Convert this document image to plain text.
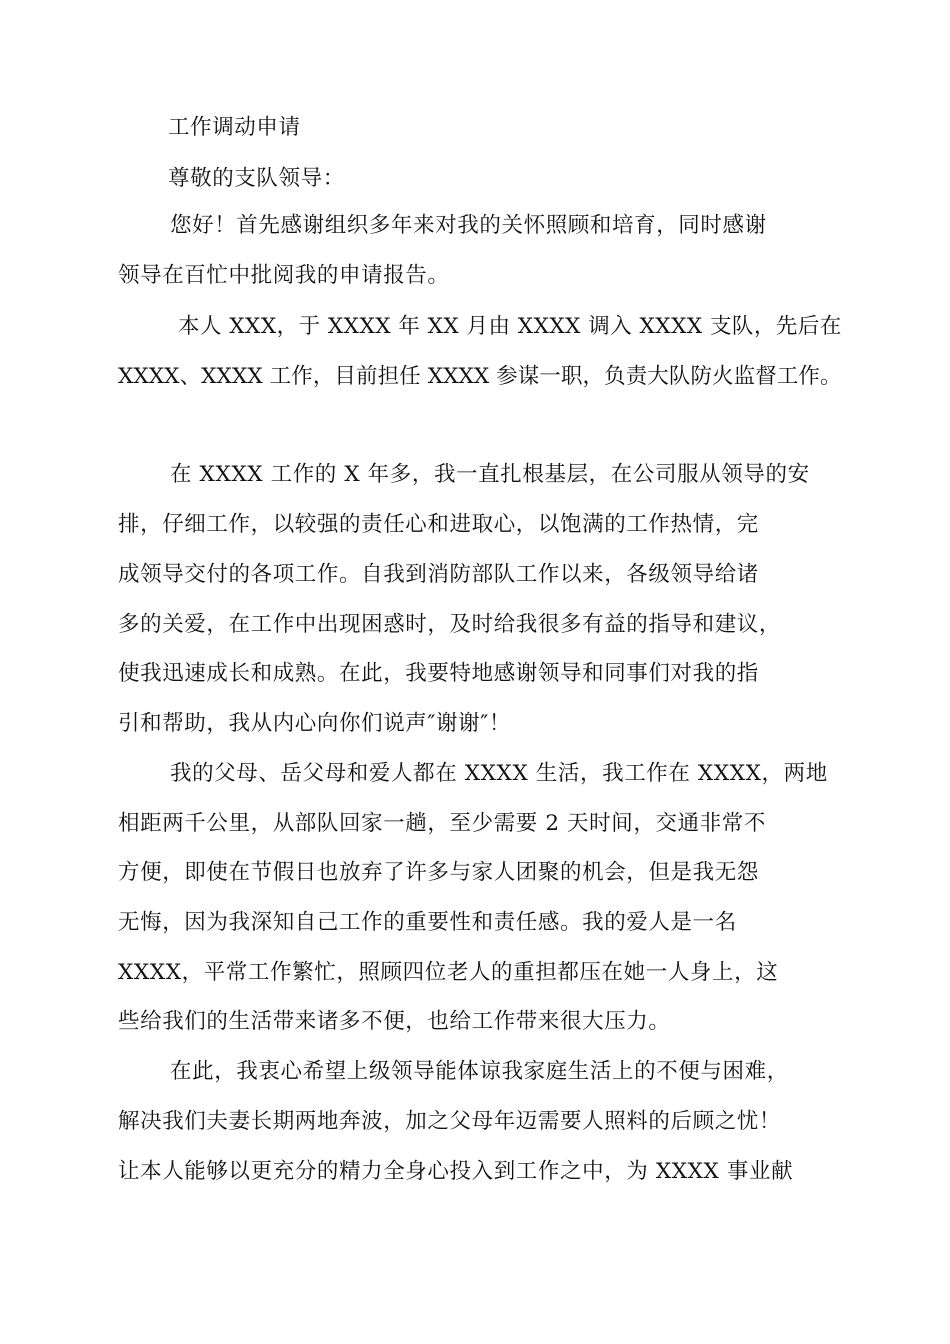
工作调动申请
尊敬的支队领导：
您好！首先感谢组织多年来对我的关怀照顾和培育，同时感谢
领导在百忙中批阅我的申请报告。
本人 XXX，于 XXXX 年 XX 月由 XXXX 调入 XXXX 支队，先后在
XXXX、XXXX 工作，目前担任 XXXX 参谋一职，负责大队防火监督工作。
在 XXXX 工作的 X 年多，我一直扎根基层，在公司服从领导的安
排，仔细工作，以较强的责任心和进取心，以饱满的工作热情，完
成领导交付的各项工作。自我到消防部队工作以来，各级领导给诸
多的关爱，在工作中出现困惑时，及时给我很多有益的指导和建议，
使我迅速成长和成熟。在此，我要特地感谢领导和同事们对我的指
引和帮助，我从内心向你们说声″谢谢″！
我的父母、岳父母和爱人都在 XXXX 生活，我工作在 XXXX，两地
相距两千公里，从部队回家一趟，至少需要 2 天时间，交通非常不
方便，即使在节假日也放弃了许多与家人团聚的机会，但是我无怨
无悔，因为我深知自己工作的重要性和责任感。我的爱人是一名
XXXX，平常工作繁忙，照顾四位老人的重担都压在她一人身上，这
些给我们的生活带来诸多不便，也给工作带来很大压力。
在此，我衷心希望上级领导能体谅我家庭生活上的不便与困难，
解决我们夫妻长期两地奔波，加之父母年迈需要人照料的后顾之忧！
让本人能够以更充分的精力全身心投入到工作之中，为 XXXX 事业献
